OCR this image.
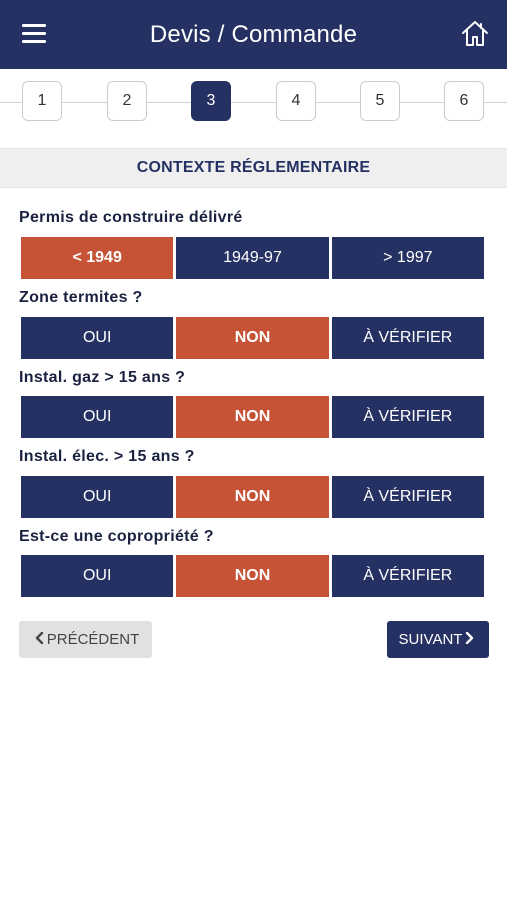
Devis / Commande
1	2	3	4	5	6
CONTEXTE RÉGLEMENTAIRE
Permis de construire délivré
< 1949	1949-97	> 1997
Zone termites ?
OUI	NON	À VÉRIFIER
Instal. gaz > 15 ans ?
OUI	NON	À VÉRIFIER
Instal. élec. > 15 ans ?
OUI	NON	À VÉRIFIER
Est-ce une copropriété ?
OUI	NON	À VÉRIFIER
PRÉCÉDENT	SUIVANT
